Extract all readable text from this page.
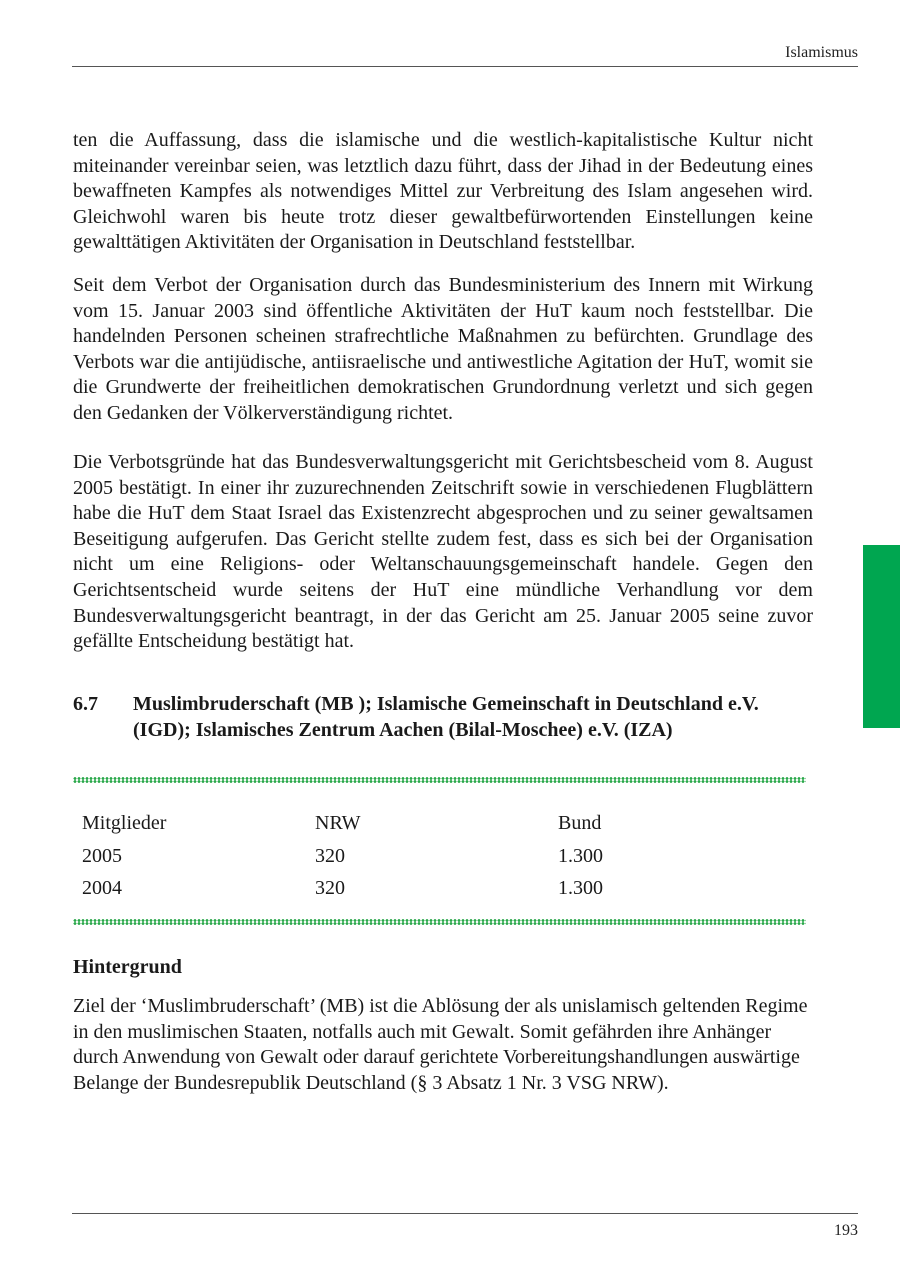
Islamismus

ten die Auffassung, dass die islamische und die westlich-kapitalistische Kultur nicht miteinander vereinbar seien, was letztlich dazu führt, dass der Jihad in der Bedeutung eines bewaffneten Kampfes als notwendiges Mittel zur Verbreitung des Islam angesehen wird. Gleichwohl waren bis heute trotz dieser gewaltbefürwortenden Einstellungen keine gewalttätigen Aktivitäten der Organisation in Deutschland feststellbar.

Seit dem Verbot der Organisation durch das Bundesministerium des Innern mit Wirkung vom 15. Januar 2003 sind öffentliche Aktivitäten der HuT kaum noch feststellbar. Die handelnden Personen scheinen strafrechtliche Maßnahmen zu befürchten. Grundlage des Verbots war die antijüdische, antiisraelische und antiwestliche Agitation der HuT, womit sie die Grundwerte der freiheitlichen demokratischen Grundordnung verletzt und sich gegen den Gedanken der Völkerverständigung richtet.

Die Verbotsgründe hat das Bundesverwaltungsgericht mit Gerichtsbescheid vom 8. August 2005 bestätigt. In einer ihr zuzurechnenden Zeitschrift sowie in verschiedenen Flugblättern habe die HuT dem Staat Israel das Existenzrecht abgesprochen und zu seiner gewaltsamen Beseitigung aufgerufen. Das Gericht stellte zudem fest, dass es sich bei der Organisation nicht um eine Religions- oder Weltanschauungsgemeinschaft handele. Gegen den Gerichtsentscheid wurde seitens der HuT eine mündliche Verhandlung vor dem Bundesverwaltungsgericht beantragt, in der das Gericht am 25. Januar 2005 seine zuvor gefällte Entscheidung bestätigt hat.

6.7	Muslimbruderschaft (MB ); Islamische Gemeinschaft in Deutschland e.V. (IGD); Islamisches Zentrum Aachen (Bilal-Moschee) e.V. (IZA)
Mitglieder	NRW	Bund
2005	320	1.300
2004	320	1.300
Hintergrund

Ziel der ‘Muslimbruderschaft’ (MB) ist die Ablösung der als unislamisch geltenden Regime in den muslimischen Staaten, notfalls auch mit Gewalt. Somit gefährden ihre Anhänger durch Anwendung von Gewalt oder darauf gerichtete Vorbereitungshandlungen auswärtige Belange der Bundesrepublik Deutschland (§ 3 Absatz 1 Nr. 3 VSG NRW).

193
